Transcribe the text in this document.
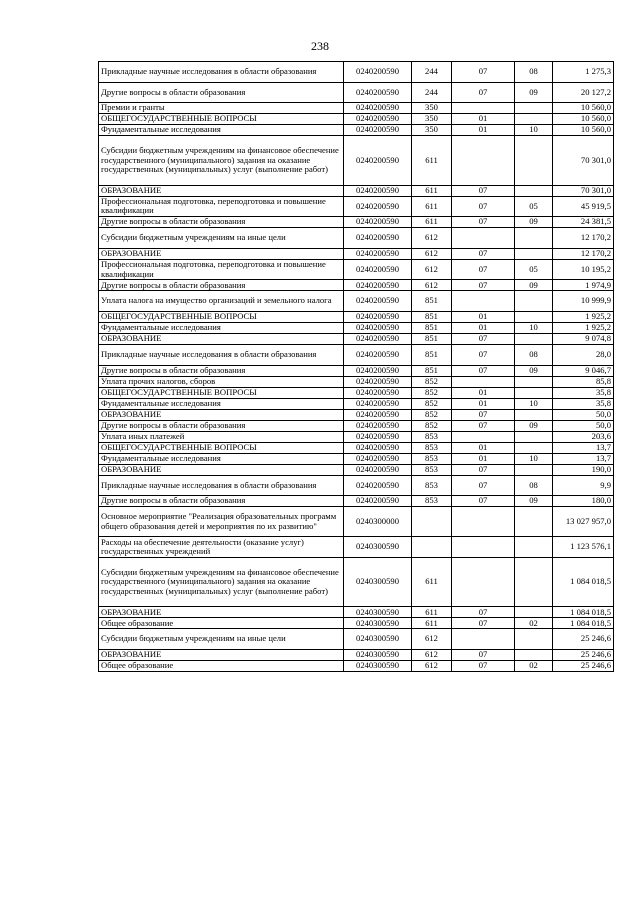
238
Прикладные научные исследования в области образования	0240200590	244	07	08	1 275,3
Другие вопросы в области образования	0240200590	244	07	09	20 127,2
Премии и гранты	0240200590	350			10 560,0
ОБЩЕГОСУДАРСТВЕННЫЕ ВОПРОСЫ	0240200590	350	01		10 560,0
Фундаментальные исследования	0240200590	350	01	10	10 560,0
Субсидии бюджетным учреждениям на финансовое обеспечение государственного (муниципального) задания на оказание государственных (муниципальных) услуг (выполнение работ)	0240200590	611			70 301,0
ОБРАЗОВАНИЕ	0240200590	611	07		70 301,0
Профессиональная подготовка, переподготовка и повышение квалификации	0240200590	611	07	05	45 919,5
Другие вопросы в области образования	0240200590	611	07	09	24 381,5
Субсидии бюджетным учреждениям на иные цели	0240200590	612			12 170,2
ОБРАЗОВАНИЕ	0240200590	612	07		12 170,2
Профессиональная подготовка, переподготовка и повышение квалификации	0240200590	612	07	05	10 195,2
Другие вопросы в области образования	0240200590	612	07	09	1 974,9
Уплата налога на имущество организаций и земельного налога	0240200590	851			10 999,9
ОБЩЕГОСУДАРСТВЕННЫЕ ВОПРОСЫ	0240200590	851	01		1 925,2
Фундаментальные исследования	0240200590	851	01	10	1 925,2
ОБРАЗОВАНИЕ	0240200590	851	07		9 074,8
Прикладные научные исследования в области образования	0240200590	851	07	08	28,0
Другие вопросы в области образования	0240200590	851	07	09	9 046,7
Уплата прочих налогов, сборов	0240200590	852			85,8
ОБЩЕГОСУДАРСТВЕННЫЕ ВОПРОСЫ	0240200590	852	01		35,8
Фундаментальные исследования	0240200590	852	01	10	35,8
ОБРАЗОВАНИЕ	0240200590	852	07		50,0
Другие вопросы в области образования	0240200590	852	07	09	50,0
Уплата иных платежей	0240200590	853			203,6
ОБЩЕГОСУДАРСТВЕННЫЕ ВОПРОСЫ	0240200590	853	01		13,7
Фундаментальные исследования	0240200590	853	01	10	13,7
ОБРАЗОВАНИЕ	0240200590	853	07		190,0
Прикладные научные исследования в области образования	0240200590	853	07	08	9,9
Другие вопросы в области образования	0240200590	853	07	09	180,0
Основное мероприятие "Реализация образовательных программ общего образования детей и мероприятия по их развитию"	0240300000				13 027 957,0
Расходы на обеспечение деятельности (оказание услуг) государственных учреждений	0240300590				1 123 576,1
Субсидии бюджетным учреждениям на финансовое обеспечение государственного (муниципального) задания на оказание государственных (муниципальных) услуг (выполнение работ)	0240300590	611			1 084 018,5
ОБРАЗОВАНИЕ	0240300590	611	07		1 084 018,5
Общее образование	0240300590	611	07	02	1 084 018,5
Субсидии бюджетным учреждениям на иные цели	0240300590	612			25 246,6
ОБРАЗОВАНИЕ	0240300590	612	07		25 246,6
Общее образование	0240300590	612	07	02	25 246,6
